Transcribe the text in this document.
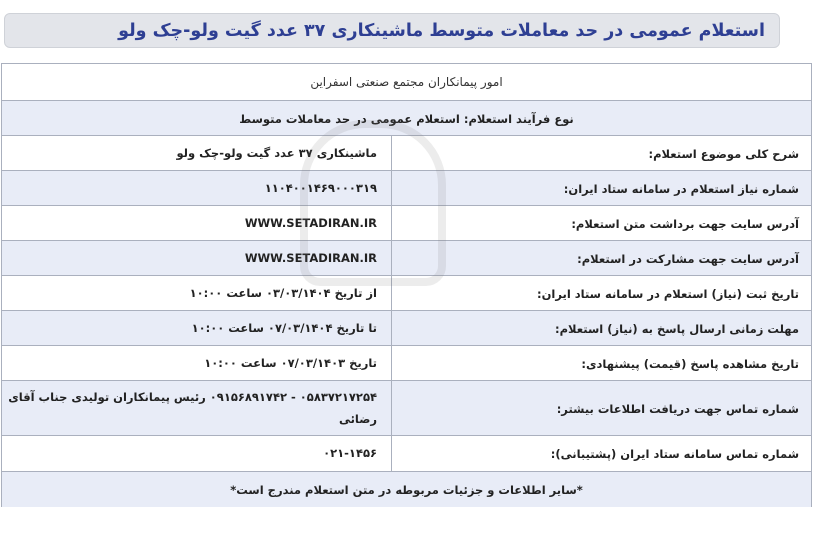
استعلام عمومی در حد معاملات متوسط ماشینکاری ۳۷ عدد گیت ولو-چک ولو
امور پیمانکاران مجتمع صنعتی اسفراین
نوع فرآیند استعلام: استعلام عمومی در حد معاملات متوسط
شرح کلی موضوع استعلام:
ماشینکاری ۳۷ عدد گیت ولو-چک ولو
شماره نیاز استعلام در سامانه ستاد ایران:
۱۱۰۴۰۰۱۴۶۹۰۰۰۳۱۹
آدرس سایت جهت برداشت متن استعلام:
WWW.SETADIRAN.IR
آدرس سایت جهت مشارکت در استعلام:
WWW.SETADIRAN.IR
تاریخ ثبت (نیاز) استعلام در سامانه ستاد ایران:
از تاریخ ۰۳/۰۳/۱۴۰۴ ساعت ۱۰:۰۰
مهلت زمانی ارسال پاسخ به (نیاز) استعلام:
تا تاریخ ۰۷/۰۳/۱۴۰۴ ساعت ۱۰:۰۰
تاریخ مشاهده پاسخ (قیمت) پیشنهادی:
تاریخ ۰۷/۰۳/۱۴۰۳ ساعت ۱۰:۰۰
شماره تماس جهت دریافت اطلاعات بیشتر:
۰۵۸۳۷۲۱۷۲۵۴ - ۰۹۱۵۶۸۹۱۷۴۲ رئیس پیمانکاران تولیدی جناب آقای رضائی
شماره تماس سامانه ستاد ایران (پشتیبانی):
۰۲۱-۱۴۵۶
*سایر اطلاعات و جزئیات مربوطه در متن استعلام مندرج است*
